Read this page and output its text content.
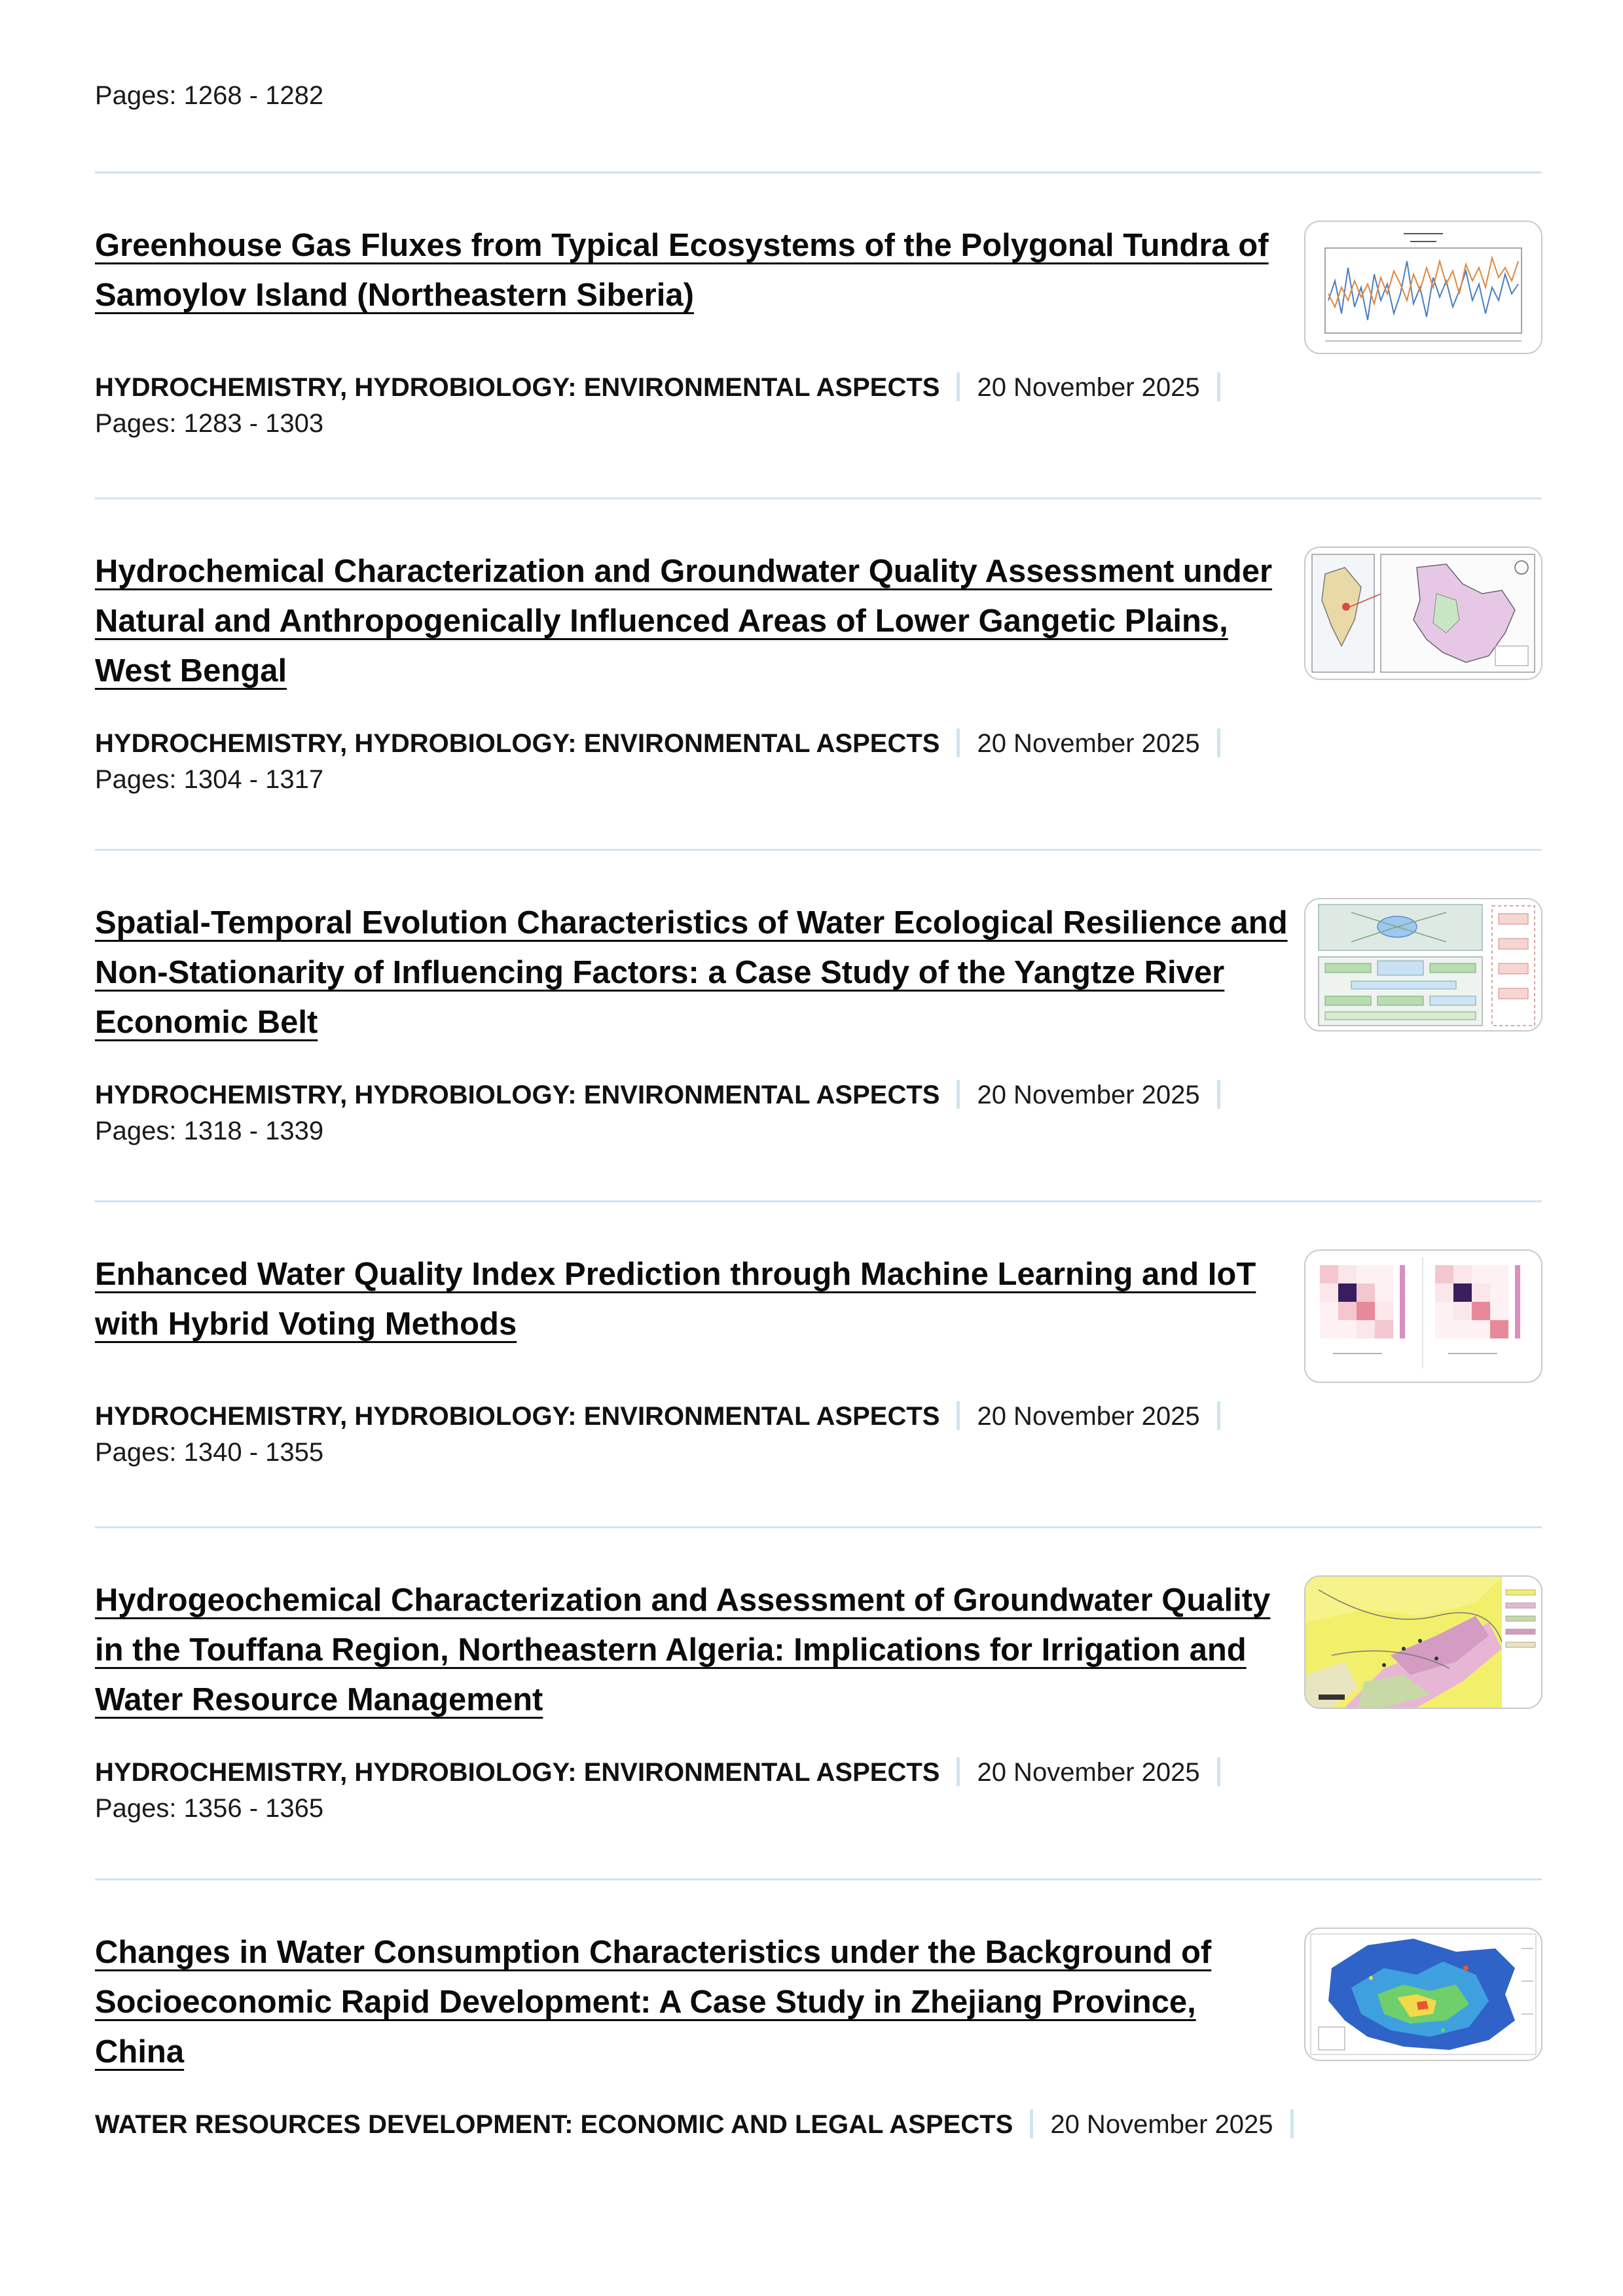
Pages: 1268 - 1282
Greenhouse Gas Fluxes from Typical Ecosystems of the Polygonal Tundra of Samoylov Island (Northeastern Siberia)
HYDROCHEMISTRY, HYDROBIOLOGY: ENVIRONMENTAL ASPECTS 20 November 2025
Pages: 1283 - 1303
Hydrochemical Characterization and Groundwater Quality Assessment under Natural and Anthropogenically Influenced Areas of Lower Gangetic Plains, West Bengal
HYDROCHEMISTRY, HYDROBIOLOGY: ENVIRONMENTAL ASPECTS 20 November 2025
Pages: 1304 - 1317
Spatial-Temporal Evolution Characteristics of Water Ecological Resilience and Non-Stationarity of Influencing Factors: a Case Study of the Yangtze River Economic Belt
HYDROCHEMISTRY, HYDROBIOLOGY: ENVIRONMENTAL ASPECTS 20 November 2025
Pages: 1318 - 1339
Enhanced Water Quality Index Prediction through Machine Learning and IoT with Hybrid Voting Methods
HYDROCHEMISTRY, HYDROBIOLOGY: ENVIRONMENTAL ASPECTS 20 November 2025
Pages: 1340 - 1355
Hydrogeochemical Characterization and Assessment of Groundwater Quality in the Touffana Region, Northeastern Algeria: Implications for Irrigation and Water Resource Management
HYDROCHEMISTRY, HYDROBIOLOGY: ENVIRONMENTAL ASPECTS 20 November 2025
Pages: 1356 - 1365
Changes in Water Consumption Characteristics under the Background of Socioeconomic Rapid Development: A Case Study in Zhejiang Province, China
WATER RESOURCES DEVELOPMENT: ECONOMIC AND LEGAL ASPECTS 20 November 2025
